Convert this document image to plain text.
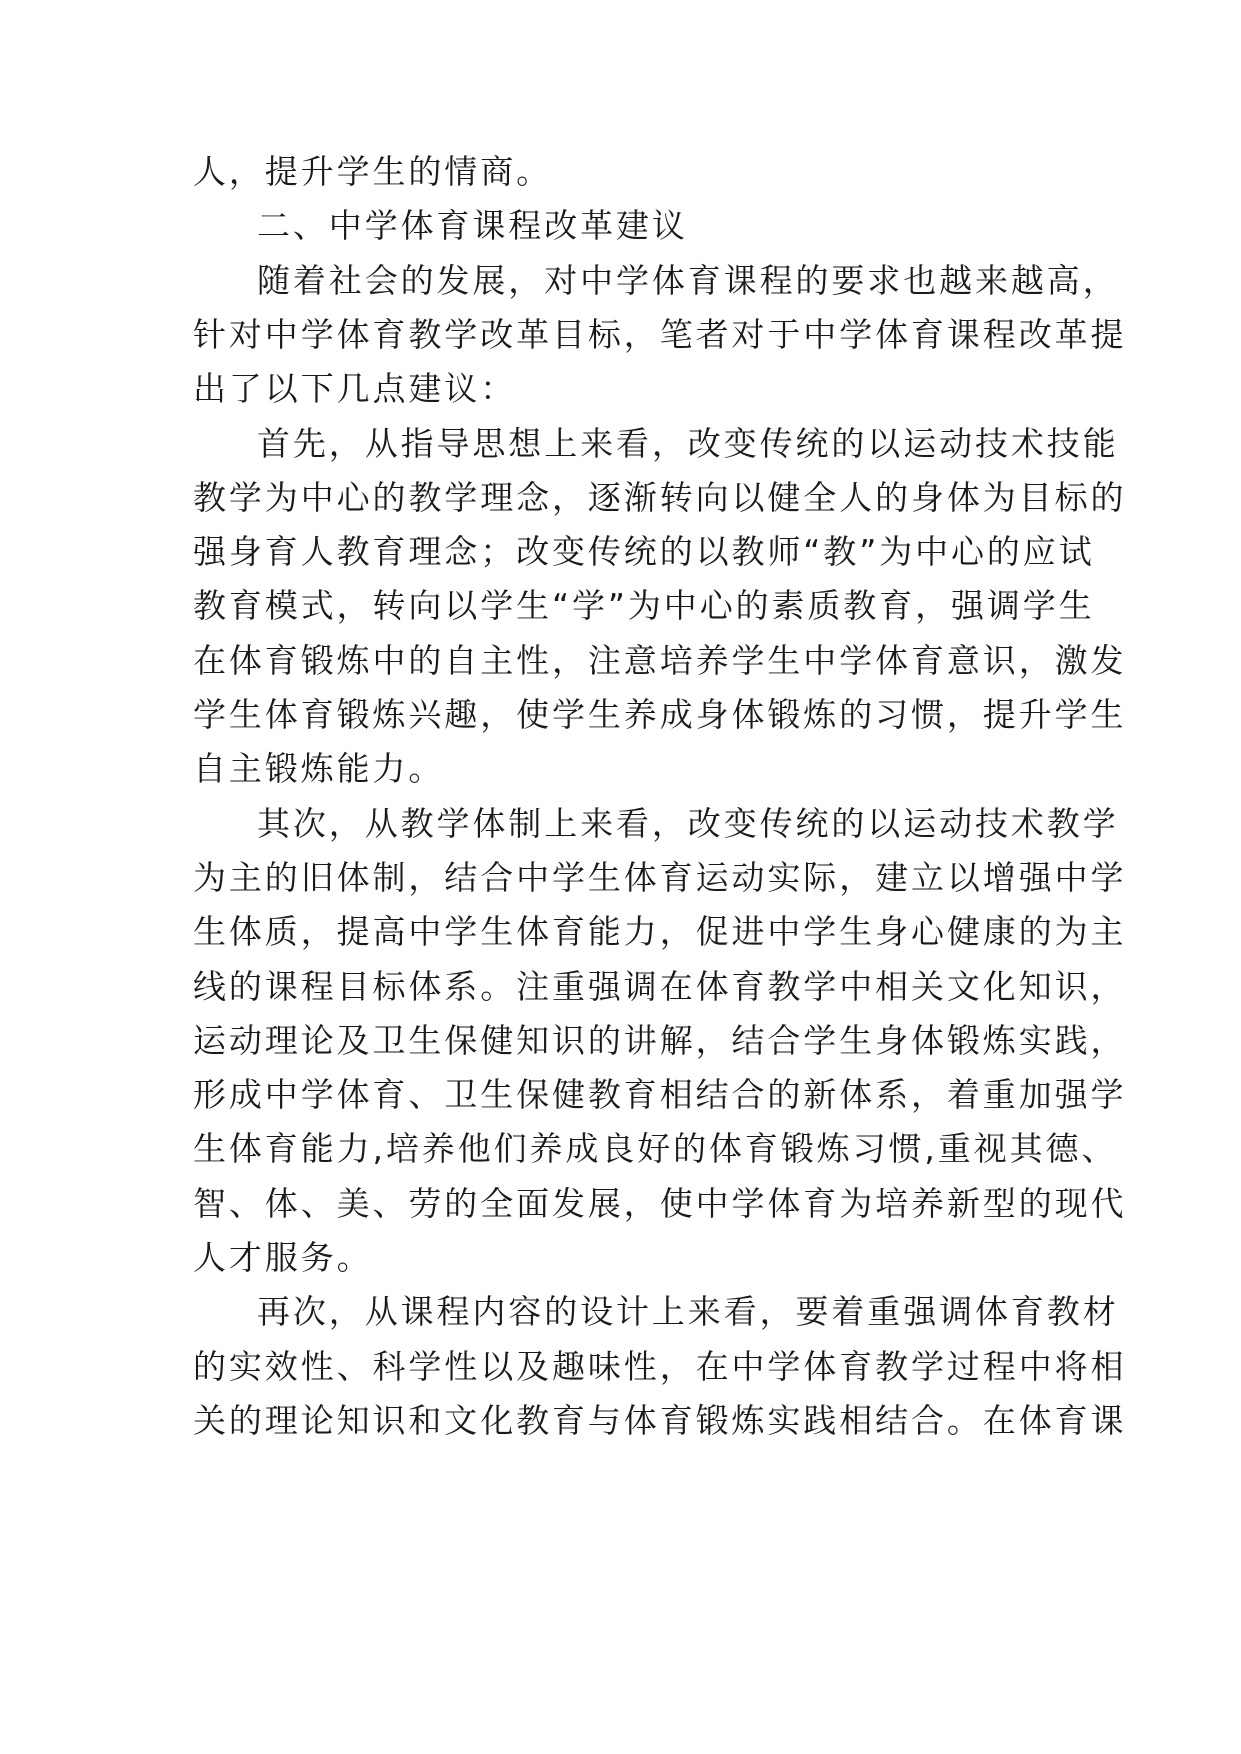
人，提升学生的情商。
二、中学体育课程改革建议
随着社会的发展，对中学体育课程的要求也越来越高，
针对中学体育教学改革目标，笔者对于中学体育课程改革提
出了以下几点建议：
首先，从指导思想上来看，改变传统的以运动技术技能
教学为中心的教学理念，逐渐转向以健全人的身体为目标的
强身育人教育理念；改变传统的以教师“教”为中心的应试
教育模式，转向以学生“学”为中心的素质教育，强调学生
在体育锻炼中的自主性，注意培养学生中学体育意识，激发
学生体育锻炼兴趣，使学生养成身体锻炼的习惯，提升学生
自主锻炼能力。
其次，从教学体制上来看，改变传统的以运动技术教学
为主的旧体制，结合中学生体育运动实际，建立以增强中学
生体质，提高中学生体育能力，促进中学生身心健康的为主
线的课程目标体系。注重强调在体育教学中相关文化知识，
运动理论及卫生保健知识的讲解，结合学生身体锻炼实践，
形成中学体育、卫生保健教育相结合的新体系，着重加强学
生体育能力,培养他们养成良好的体育锻炼习惯,重视其德、
智、体、美、劳的全面发展，使中学体育为培养新型的现代
人才服务。
再次，从课程内容的设计上来看，要着重强调体育教材
的实效性、科学性以及趣味性，在中学体育教学过程中将相
关的理论知识和文化教育与体育锻炼实践相结合。在体育课
